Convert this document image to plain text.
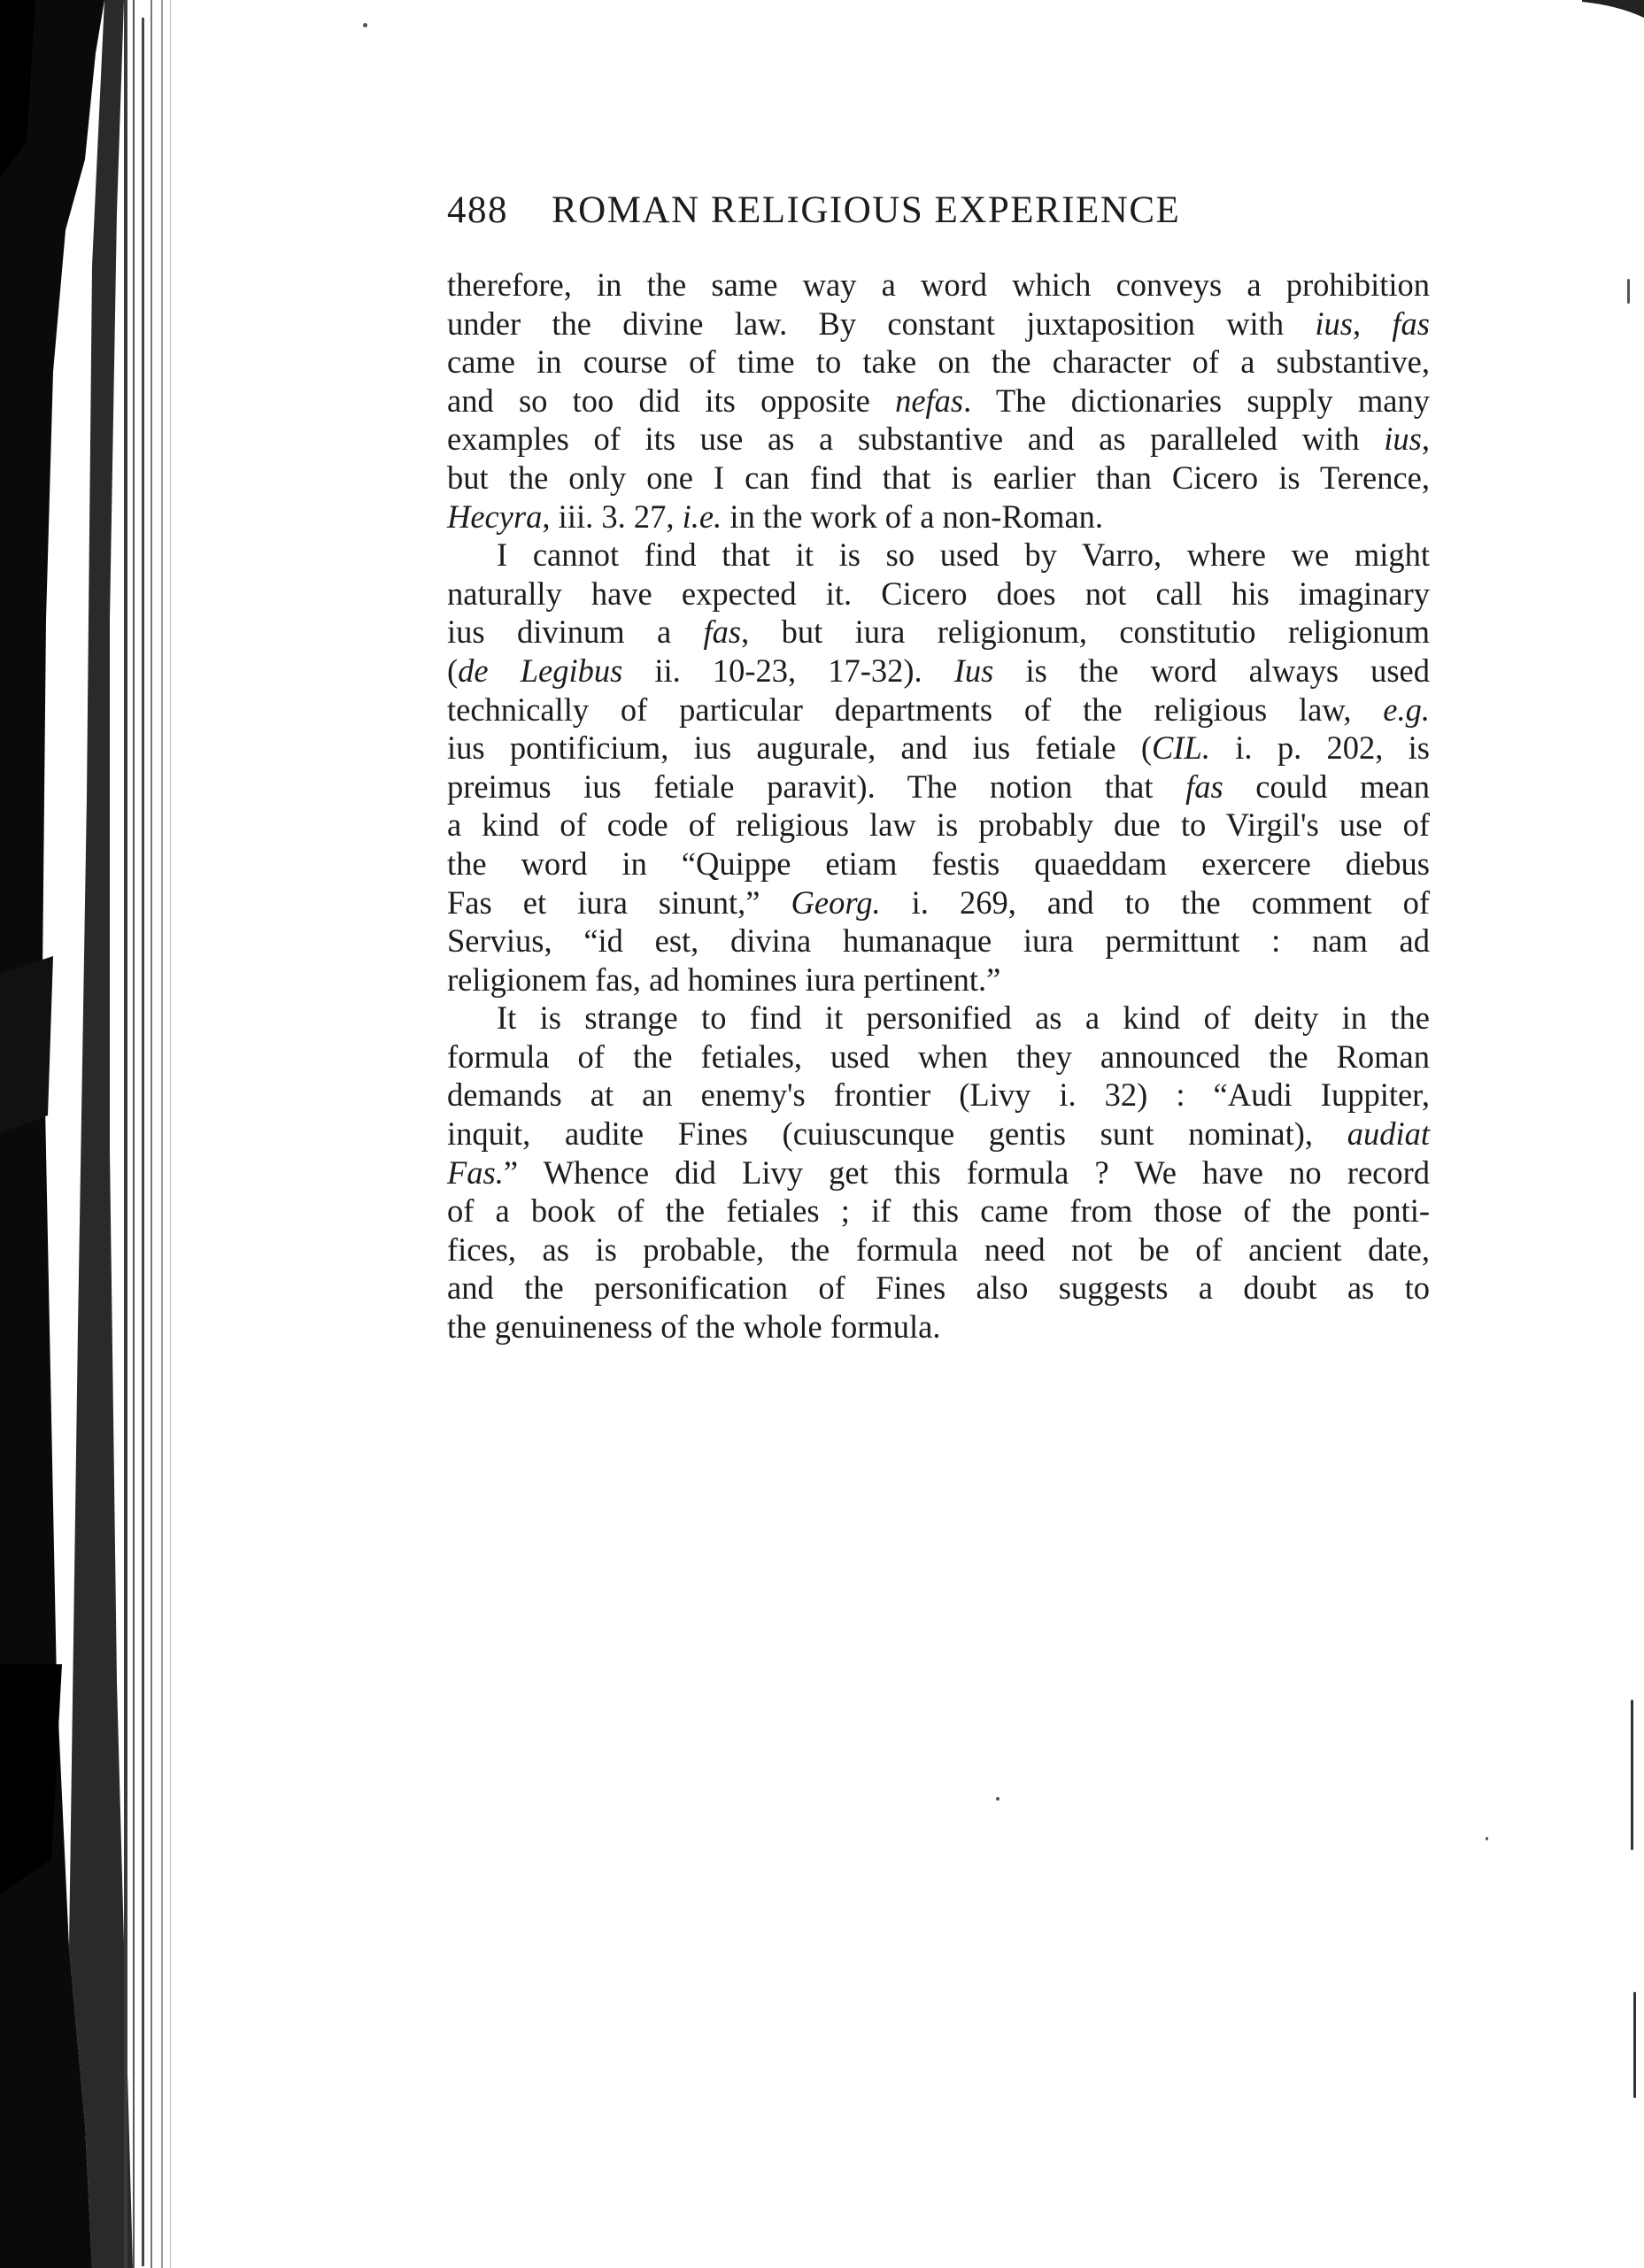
488 ROMAN RELIGIOUS EXPERIENCE
therefore, in the same way a word which conveys a prohibition
under the divine law. By constant juxtaposition with ius, fas
came in course of time to take on the character of a substantive,
and so too did its opposite nefas. The dictionaries supply many
examples of its use as a substantive and as paralleled with ius,
but the only one I can find that is earlier than Cicero is Terence,
Hecyra, iii. 3. 27, i.e. in the work of a non-Roman.
I cannot find that it is so used by Varro, where we might
naturally have expected it. Cicero does not call his imaginary
ius divinum a fas, but iura religionum, constitutio religionum
(de Legibus ii. 10-23, 17-32). Ius is the word always used
technically of particular departments of the religious law, e.g.
ius pontificium, ius augurale, and ius fetiale (CIL. i. p. 202, is
preimus ius fetiale paravit). The notion that fas could mean
a kind of code of religious law is probably due to Virgil's use of
the word in “Quippe etiam festis quaeddam exercere diebus
Fas et iura sinunt,” Georg. i. 269, and to the comment of
Servius, “id est, divina humanaque iura permittunt : nam ad
religionem fas, ad homines iura pertinent.”
It is strange to find it personified as a kind of deity in the
formula of the fetiales, used when they announced the Roman
demands at an enemy's frontier (Livy i. 32) : “Audi Iuppiter,
inquit, audite Fines (cuiuscunque gentis sunt nominat), audiat
Fas.” Whence did Livy get this formula ? We have no record
of a book of the fetiales ; if this came from those of the ponti-
fices, as is probable, the formula need not be of ancient date,
and the personification of Fines also suggests a doubt as to
the genuineness of the whole formula.
